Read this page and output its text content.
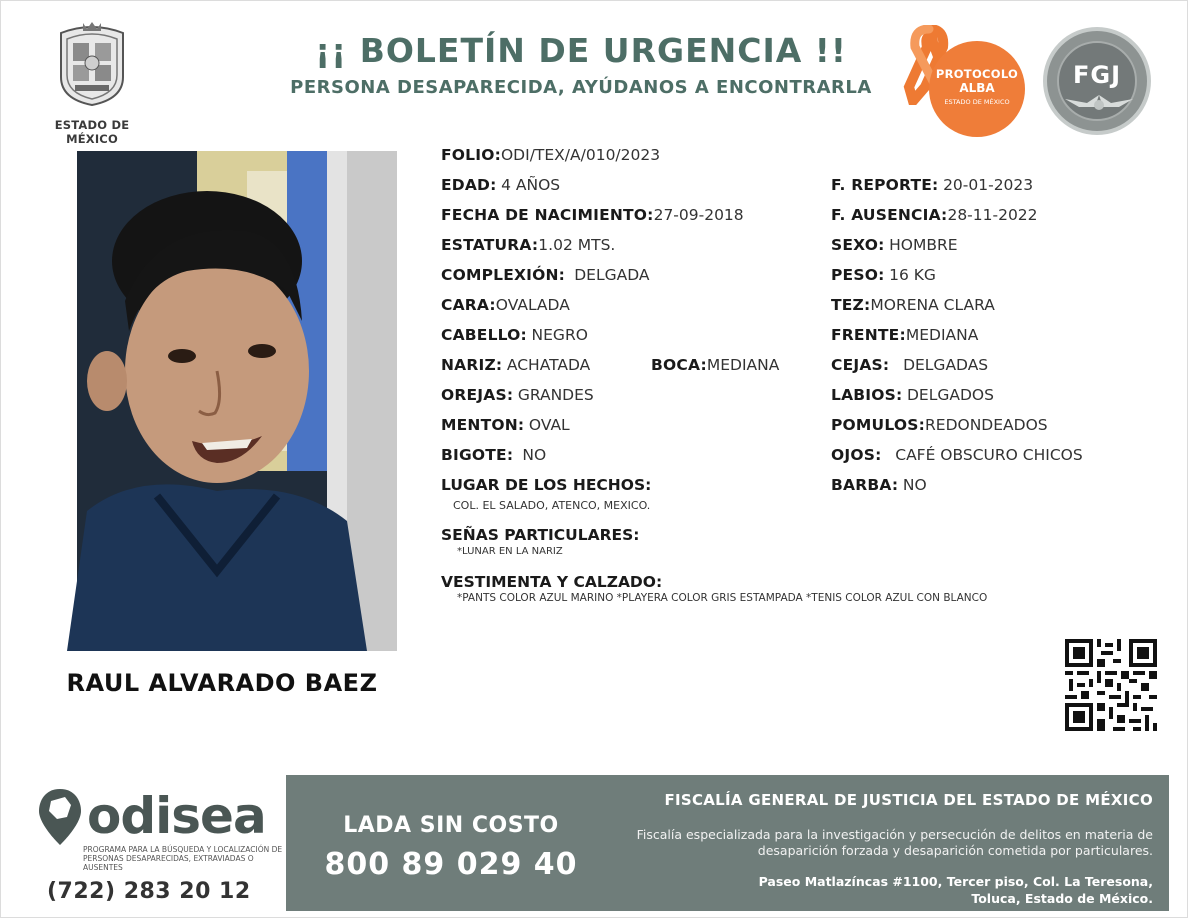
ESTADO DE MÉXICO
¡¡ BOLETÍN DE URGENCIA !!
PERSONA DESAPARECIDA, AYÚDANOS A ENCONTRARLA
PROTOCOLO
ALBA
ESTADO DE MÉXICO
FGJ
RAUL ALVARADO BAEZ
FOLIO:ODI/TEX/A/010/2023
EDAD: 4 AÑOS
FECHA DE NACIMIENTO:27-09-2018
ESTATURA:1.02 MTS.
COMPLEXIÓN: DELGADA
CARA:OVALADA
CABELLO: NEGRO
NARIZ: ACHATADA	BOCA:MEDIANA
OREJAS: GRANDES
MENTON: OVAL
BIGOTE: NO
F. REPORTE: 20-01-2023
F. AUSENCIA:28-11-2022
SEXO: HOMBRE
PESO: 16 KG
TEZ:MORENA CLARA
FRENTE:MEDIANA
CEJAS: DELGADAS
LABIOS: DELGADOS
POMULOS:REDONDEADOS
OJOS: CAFÉ OBSCURO CHICOS
BARBA: NO
LUGAR DE LOS HECHOS:
COL. EL SALADO, ATENCO, MEXICO.
SEÑAS PARTICULARES:
*LUNAR EN LA NARIZ
VESTIMENTA Y CALZADO:
*PANTS COLOR AZUL MARINO *PLAYERA COLOR GRIS ESTAMPADA *TENIS COLOR AZUL CON BLANCO
odisea
PROGRAMA PARA LA BÚSQUEDA Y LOCALIZACIÓN DE PERSONAS DESAPARECIDAS, EXTRAVIADAS O AUSENTES
(722) 283 20 12
LADA SIN COSTO
800 89 029 40
FISCALÍA GENERAL DE JUSTICIA DEL ESTADO DE MÉXICO
Fiscalía especializada para la investigación y persecución de delitos en materia de desaparición forzada y desaparición cometida por particulares.
Paseo Matlazíncas #1100, Tercer piso, Col. La Teresona,
Toluca, Estado de México.
